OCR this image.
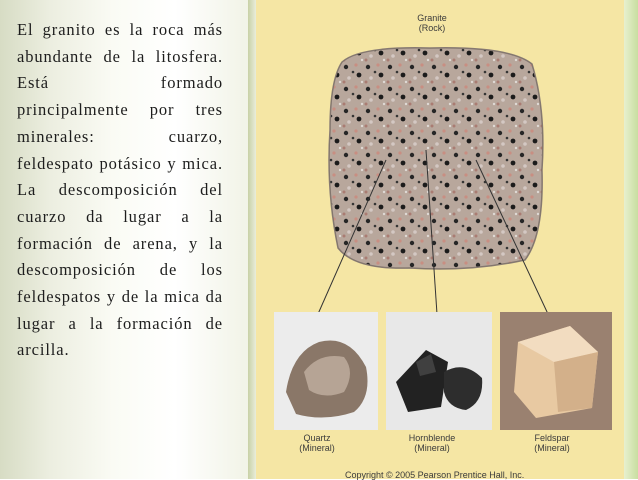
El granito es la roca más abundante de la litosfera. Está formado principalmente por tres minerales: cuarzo, feldespato potásico y mica. La descomposición del cuarzo da lugar a la formación de arena, y la descomposición de los feldespatos y de la mica da lugar a la formación de arcilla.

Granite
(Rock)
Quartz
(Mineral)
Hornblende
(Mineral)
Feldspar
(Mineral)
Copyright © 2005 Pearson Prentice Hall, Inc.
